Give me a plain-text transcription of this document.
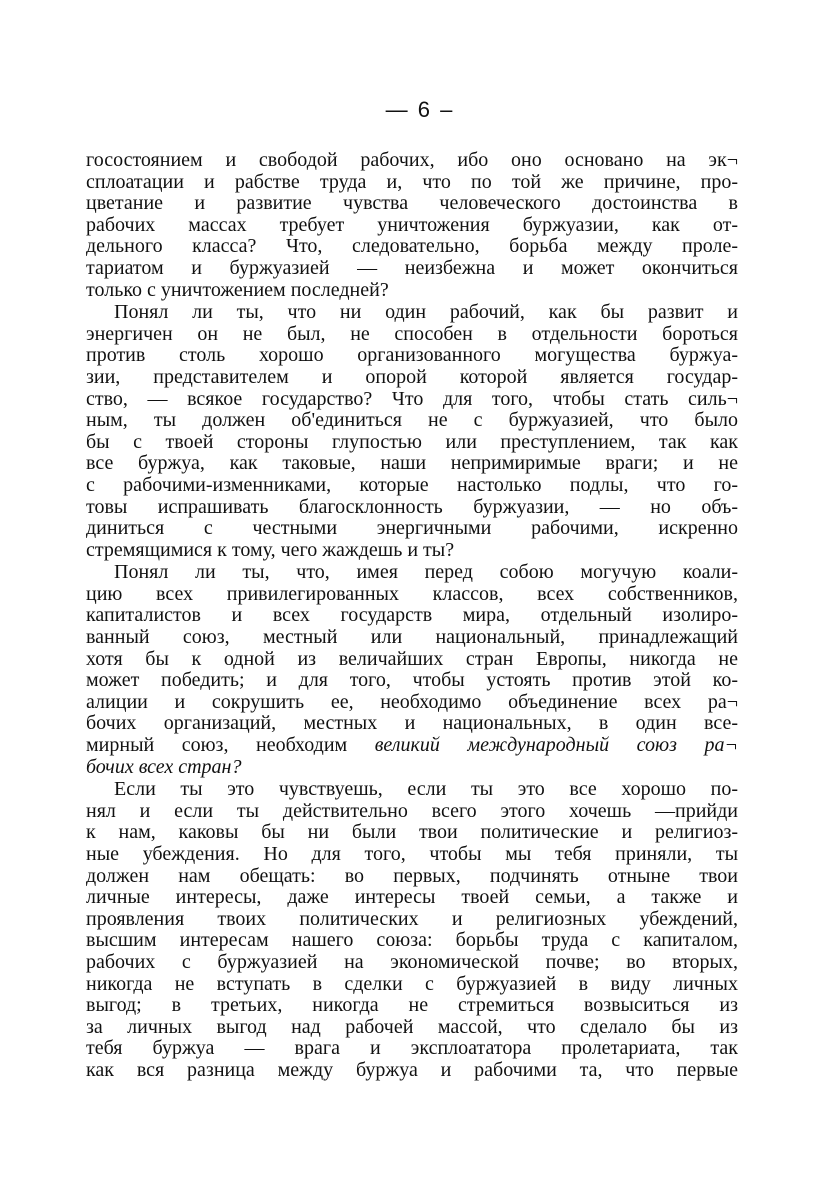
— 6 –
госостоянием и свободой рабочих, ибо оно основано на эк¬
сплоатации и рабстве труда и, что по той же причине, про-
цветание и развитие чувства человеческого достоинства в
рабочих массах требует уничтожения буржуазии, как от-
дельного класса? Что, следовательно, борьба между проле-
тариатом и буржуазией — неизбежна и может окончиться
только с уничтожением последней?
Понял ли ты, что ни один рабочий, как бы развит и
энергичен он не был, не способен в отдельности бороться
против столь хорошо организованного могущества буржуа-
зии, представителем и опорой которой является государ-
ство, — всякое государство? Что для того, чтобы стать силь¬
ным, ты должен об'единиться не с буржуазией, что было
бы с твоей стороны глупостью или преступлением, так как
все буржуа, как таковые, наши непримиримые враги; и не
с рабочими-изменниками, которые настолько подлы, что го-
товы испрашивать благосклонность буржуазии, — но объ-
диниться с честными энергичными рабочими, искренно
стремящимися к тому, чего жаждешь и ты?
Понял ли ты, что, имея перед собою могучую коали-
цию всех привилегированных классов, всех собственников,
капиталистов и всех государств мира, отдельный изолиро-
ванный союз, местный или национальный, принадлежащий
хотя бы к одной из величайших стран Европы, никогда не
может победить; и для того, чтобы устоять против этой ко-
алиции и сокрушить ее, необходимо объединение всех ра¬
бочих организаций, местных и национальных, в один все-
мирный союз, необходим великий международный союз ра¬
бочих всех стран?
Если ты это чувствуешь, если ты это все хорошо по-
нял и если ты действительно всего этого хочешь —прийди
к нам, каковы бы ни были твои политические и религиоз-
ные убеждения. Но для того, чтобы мы тебя приняли, ты
должен нам обещать: во первых, подчинять отныне твои
личные интересы, даже интересы твоей семьи, а также и
проявления твоих политических и религиозных убеждений,
высшим интересам нашего союза: борьбы труда с капиталом,
рабочих с буржуазией на экономической почве; во вторых,
никогда не вступать в сделки с буржуазией в виду личных
выгод; в третьих, никогда не стремиться возвыситься из
за личных выгод над рабочей массой, что сделало бы из
тебя буржуа — врага и эксплоататора пролетариата, так
как вся разница между буржуа и рабочими та, что первые
